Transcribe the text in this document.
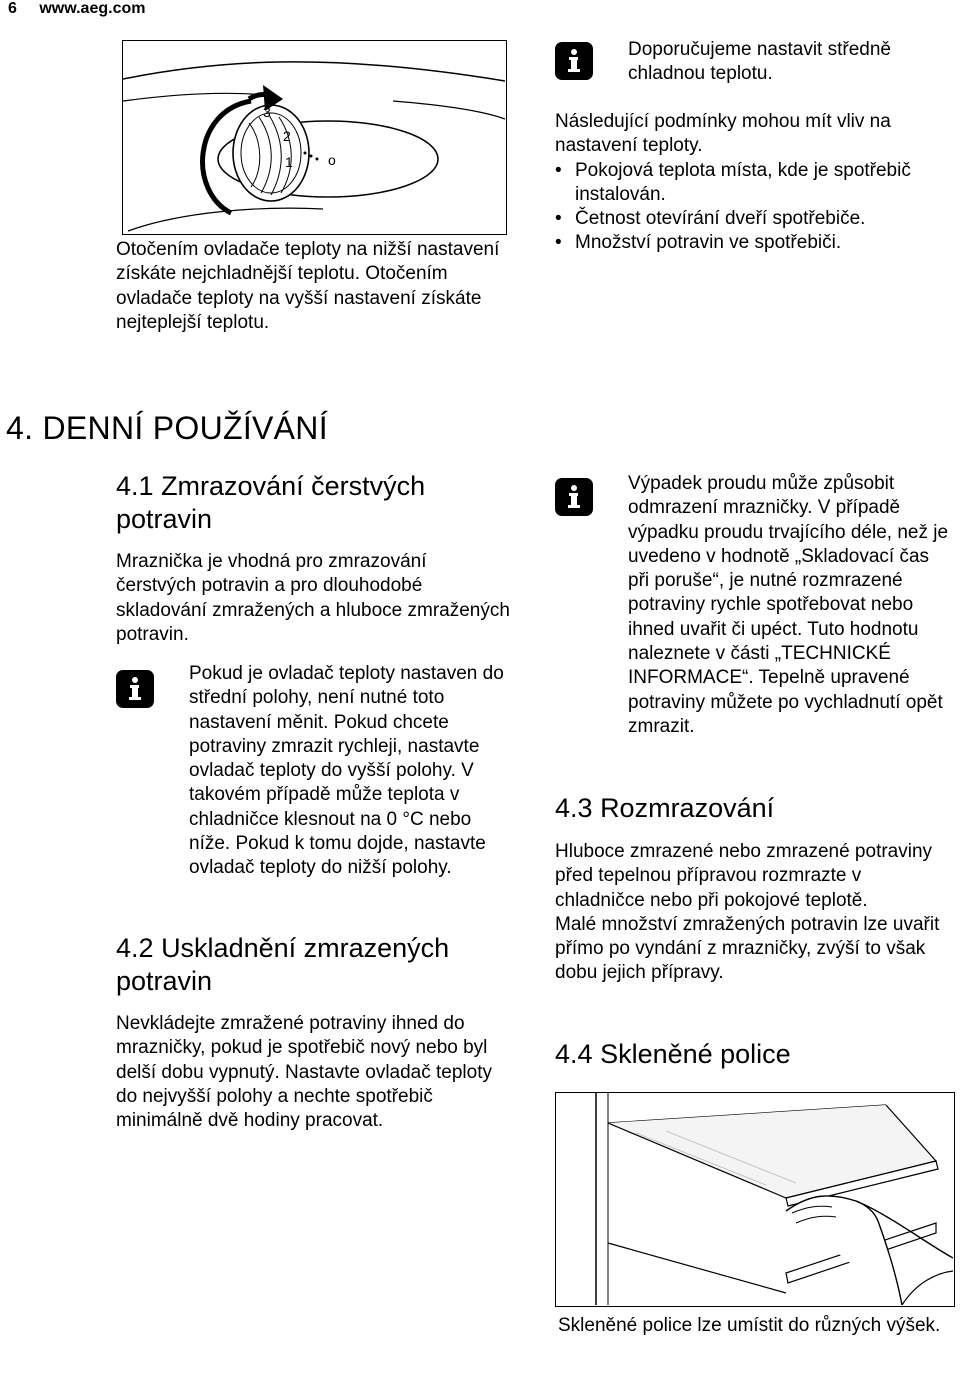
6 www.aeg.com
3
2
1	o
Otočením ovladače teploty na nižší nastavení získáte nejchladnější teplotu. Otočením ovladače teploty na vyšší nastavení získáte nejteplejší teplotu.
Doporučujeme nastavit středně chladnou teplotu.

Následující podmínky mohou mít vliv na nastavení teploty.

• Pokojová teplota místa, kde je spotřebič instalován.
• Četnost otevírání dveří spotřebiče.
• Množství potravin ve spotřebiči.
4. DENNÍ POUŽÍVÁNÍ
4.1 Zmrazování čerstvých potravin
Mraznička je vhodná pro zmrazování čerstvých potravin a pro dlouhodobé skladování zmražených a hluboce zmražených potravin.
Pokud je ovladač teploty nastaven do střední polohy, není nutné toto nastavení měnit. Pokud chcete potraviny zmrazit rychleji, nastavte ovladač teploty do vyšší polohy. V takovém případě může teplota v chladničce klesnout na 0 °C nebo níže. Pokud k tomu dojde, nastavte ovladač teploty do nižší polohy.
4.2 Uskladnění zmrazených potravin
Nevkládejte zmražené potraviny ihned do mrazničky, pokud je spotřebič nový nebo byl delší dobu vypnutý. Nastavte ovladač teploty do nejvyšší polohy a nechte spotřebič minimálně dvě hodiny pracovat.
Výpadek proudu může způsobit odmrazení mrazničky. V případě výpadku proudu trvajícího déle, než je uvedeno v hodnotě „Skladovací čas při poruše“, je nutné rozmrazené potraviny rychle spotřebovat nebo ihned uvařit či upéct. Tuto hodnotu naleznete v části „TECHNICKÉ INFORMACE“. Tepelně upravené potraviny můžete po vychladnutí opět zmrazit.
4.3 Rozmrazování

Hluboce zmrazené nebo zmrazené potraviny před tepelnou přípravou rozmrazte v chladničce nebo při pokojové teplotě.

Malé množství zmražených potravin lze uvařit přímo po vyndání z mrazničky, zvýší to však dobu jejich přípravy.

4.4 Skleněné police
Skleněné police lze umístit do různých výšek.
